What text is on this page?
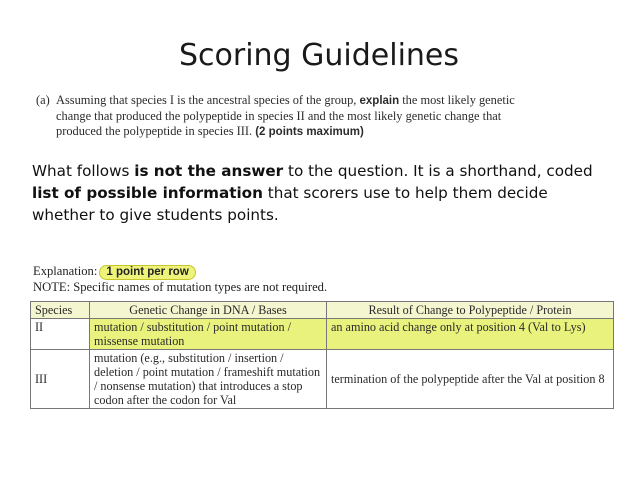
Scoring Guidelines
(a) Assuming that species I is the ancestral species of the group, explain the most likely genetic
change that produced the polypeptide in species II and the most likely genetic change that
produced the polypeptide in species III. (2 points maximum)
What follows is not the answer to the question. It is a shorthand, coded list of possible information that scorers use to help them decide whether to give students points.
Explanation: 1 point per row
NOTE: Specific names of mutation types are not required.
Species	Genetic Change in DNA / Bases	Result of Change to Polypeptide / Protein
II	mutation / substitution / point mutation / missense mutation	an amino acid change only at position 4 (Val to Lys)
III	mutation (e.g., substitution / insertion / deletion / point mutation / frameshift mutation / nonsense mutation) that introduces a stop codon after the codon for Val	termination of the polypeptide after the Val at position 8
